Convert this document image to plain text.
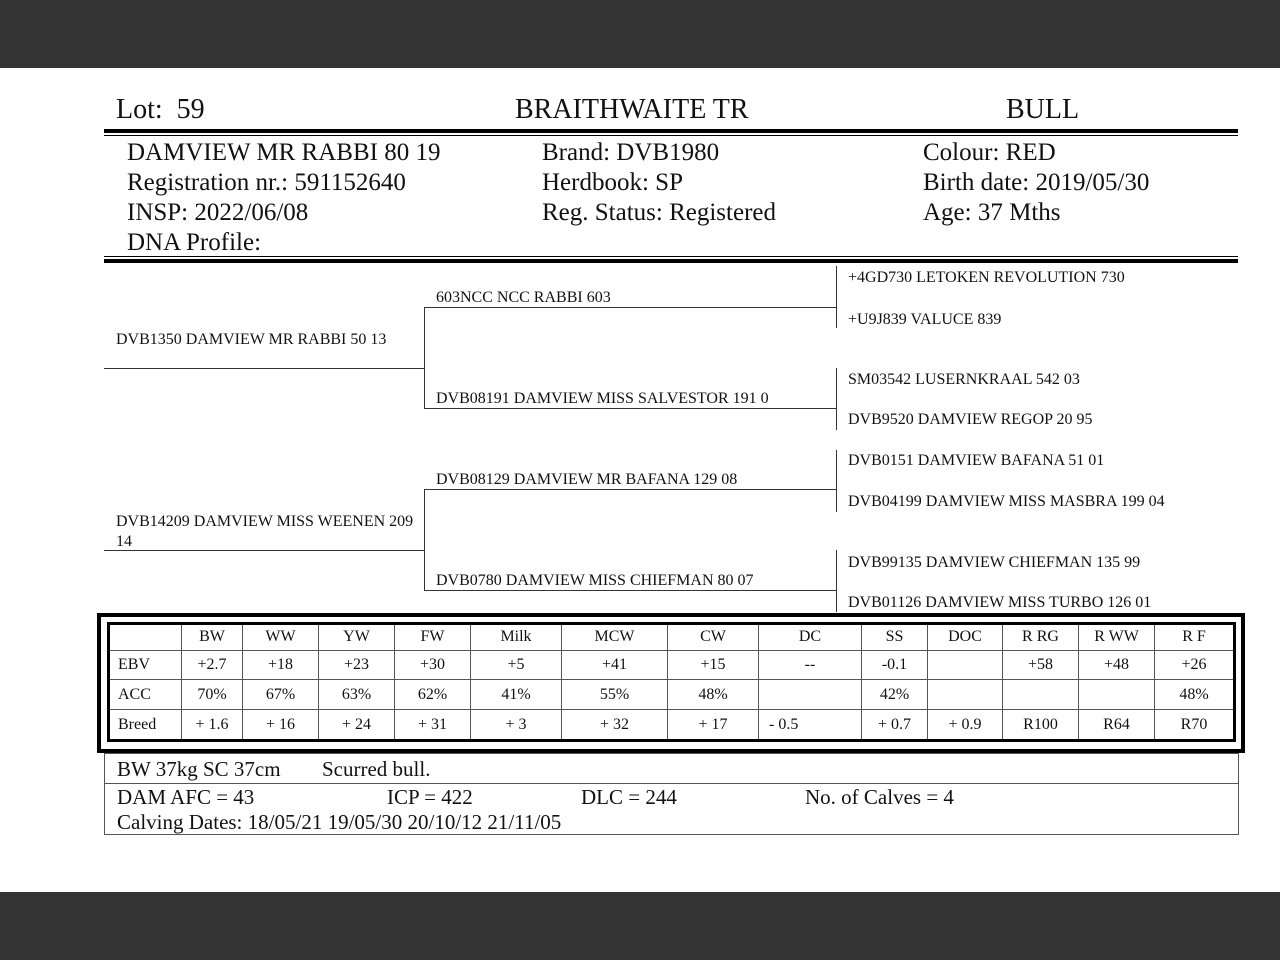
Lot: 59	BRAITHWAITE TR	BULL
DAMVIEW MR RABBI 80 19
Registration nr.: 591152640
INSP: 2022/06/08
DNA Profile:
Brand: DVB1980
Herdbook: SP
Reg. Status: Registered
Colour: RED
Birth date: 2019/05/30
Age: 37 Mths
DVB1350 DAMVIEW MR RABBI 50 13
DVB14209 DAMVIEW MISS WEENEN 209 14
603NCC NCC RABBI 603
DVB08191 DAMVIEW MISS SALVESTOR 191 0
DVB08129 DAMVIEW MR BAFANA 129 08
DVB0780 DAMVIEW MISS CHIEFMAN 80 07
+4GD730 LETOKEN REVOLUTION 730
+U9J839 VALUCE 839
SM03542 LUSERNKRAAL 542 03
DVB9520 DAMVIEW REGOP 20 95
DVB0151 DAMVIEW BAFANA 51 01
DVB04199 DAMVIEW MISS MASBRA 199 04
DVB99135 DAMVIEW CHIEFMAN 135 99
DVB01126 DAMVIEW MISS TURBO 126 01
	BW	WW	YW	FW	Milk	MCW	CW	DC	SS	DOC	R RG	R WW	R F
EBV	+2.7	+18	+23	+30	+5	+41	+15	--	-0.1		+58	+48	+26
ACC	70%	67%	63%	62%	41%	55%	48%		42%				48%
Breed	+ 1.6	+ 16	+ 24	+ 31	+ 3	+ 32	+ 17	- 0.5	+ 0.7	+ 0.9	R100	R64	R70
BW 37kg SC 37cm Scurred bull.
DAM AFC = 43	ICP = 422	DLC = 244	No. of Calves = 4
Calving Dates: 18/05/21 19/05/30 20/10/12 21/11/05
